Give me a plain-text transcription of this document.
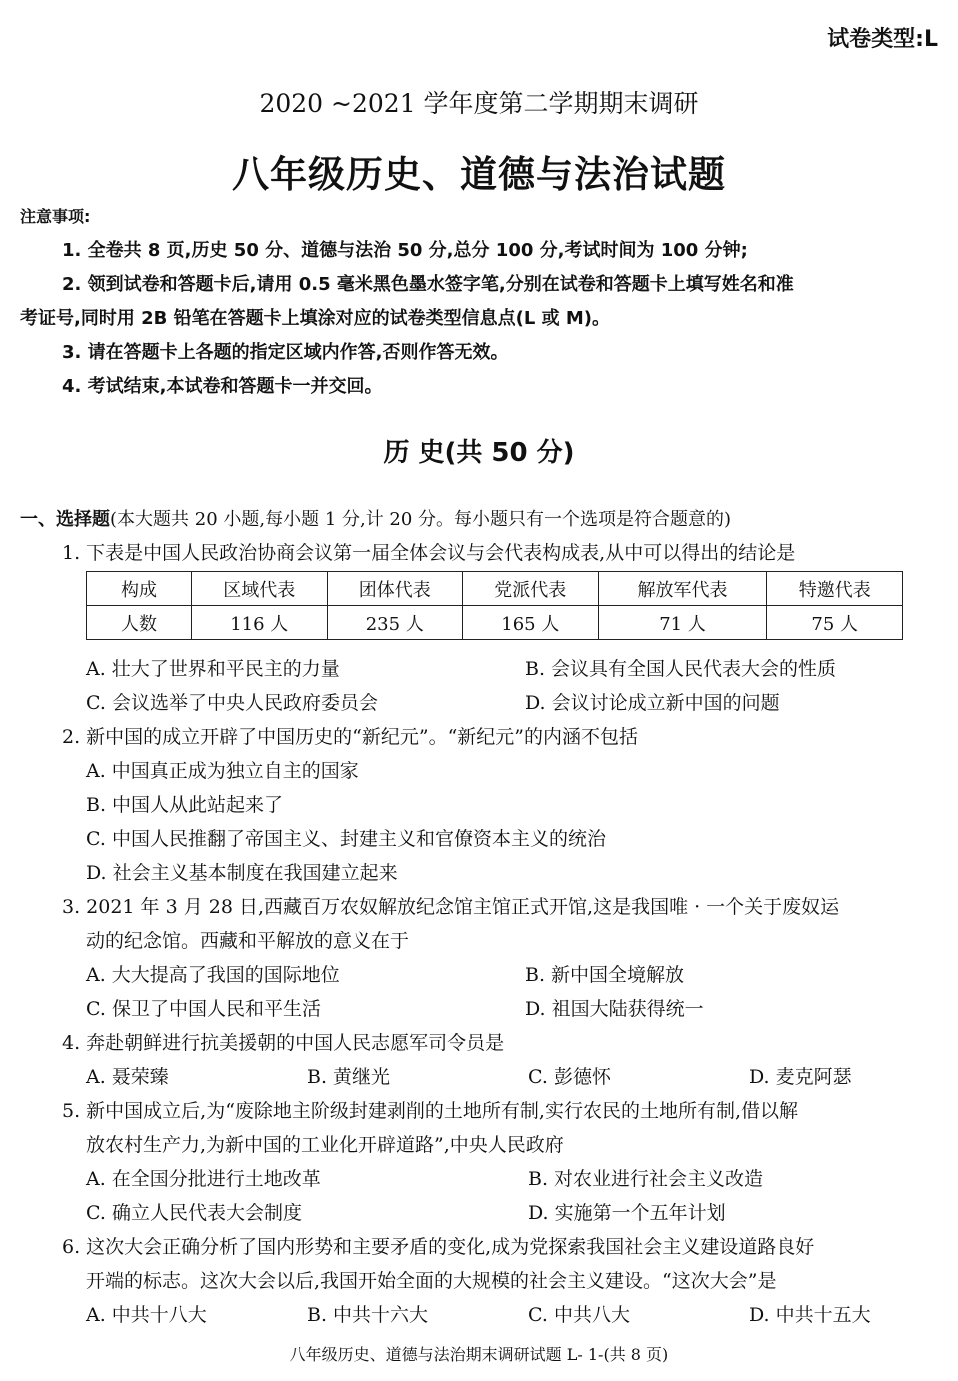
试卷类型:L
2020 ~2021 学年度第二学期期末调研
八年级历史、道德与法治试题
注意事项:
1. 全卷共 8 页,历史 50 分、道德与法治 50 分,总分 100 分,考试时间为 100 分钟;
2. 领到试卷和答题卡后,请用 0.5 毫米黑色墨水签字笔,分别在试卷和答题卡上填写姓名和准
考证号,同时用 2B 铅笔在答题卡上填涂对应的试卷类型信息点(L 或 M)。
3. 请在答题卡上各题的指定区域内作答,否则作答无效。
4. 考试结束,本试卷和答题卡一并交回。
历 史(共 50 分)
一、选择题(本大题共 20 小题,每小题 1 分,计 20 分。每小题只有一个选项是符合题意的)
1. 下表是中国人民政治协商会议第一届全体会议与会代表构成表,从中可以得出的结论是
构成	区域代表	团体代表	党派代表	解放军代表	特邀代表
人数	116 人	235 人	165 人	71 人	75 人
A. 壮大了世界和平民主的力量	B. 会议具有全国人民代表大会的性质
C. 会议选举了中央人民政府委员会	D. 会议讨论成立新中国的问题
2. 新中国的成立开辟了中国历史的“新纪元”。“新纪元”的内涵不包括
A. 中国真正成为独立自主的国家
B. 中国人从此站起来了
C. 中国人民推翻了帝国主义、封建主义和官僚资本主义的统治
D. 社会主义基本制度在我国建立起来
3. 2021 年 3 月 28 日,西藏百万农奴解放纪念馆主馆正式开馆,这是我国唯 · 一个关于废奴运
动的纪念馆。西藏和平解放的意义在于
A. 大大提高了我国的国际地位	B. 新中国全境解放
C. 保卫了中国人民和平生活	D. 祖国大陆获得统一
4. 奔赴朝鲜进行抗美援朝的中国人民志愿军司令员是
A. 聂荣臻	B. 黄继光	C. 彭德怀	D. 麦克阿瑟
5. 新中国成立后,为“废除地主阶级封建剥削的土地所有制,实行农民的土地所有制,借以解
放农村生产力,为新中国的工业化开辟道路”,中央人民政府
A. 在全国分批进行土地改革	B. 对农业进行社会主义改造
C. 确立人民代表大会制度	D. 实施第一个五年计划
6. 这次大会正确分析了国内形势和主要矛盾的变化,成为党探索我国社会主义建设道路良好
开端的标志。这次大会以后,我国开始全面的大规模的社会主义建设。“这次大会”是
A. 中共十八大	B. 中共十六大	C. 中共八大	D. 中共十五大
八年级历史、道德与法治期末调研试题 L- 1-(共 8 页)
